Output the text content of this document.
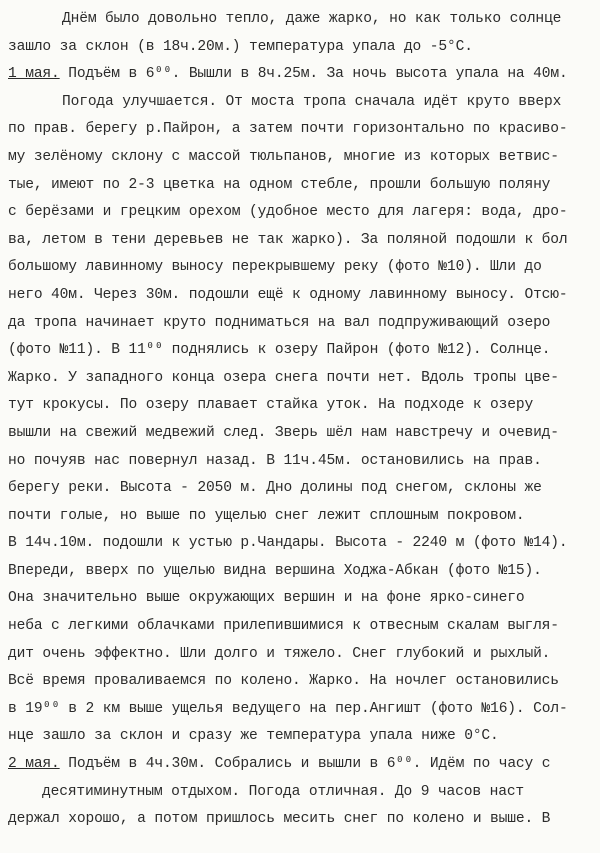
Днём было довольно тепло, даже жарко, но как только солнце
зашло за склон (в 18ч.20м.) температура упала до -5°С.
1 мая. Подъём в 6⁰⁰. Вышли в 8ч.25м. За ночь высота упала на 40м.
Погода улучшается. От моста тропа сначала идёт круто вверх
по прав. берегу р.Пайрон, а затем почти горизонтально по красиво-
му зелёному склону с массой тюльпанов, многие из которых ветвис-
тые, имеют по 2-3 цветка на одном стебле, прошли большую поляну
с берёзами и грецким орехом (удобное место для лагеря: вода, дро-
ва, летом в тени деревьев не так жарко). За поляной подошли к бол
большому лавинному выносу перекрывшему реку (фото №10). Шли до
него 40м. Через 30м. подошли ещё к одному лавинному выносу. Отсю-
да тропа начинает круто подниматься на вал подпруживающий озеро
(фото №11). В 11⁰⁰ поднялись к озеру Пайрон (фото №12). Солнце.
Жарко. У западного конца озера снега почти нет. Вдоль тропы цве-
тут крокусы. По озеру плавает стайка уток. На подходе к озеру
вышли на свежий медвежий след. Зверь шёл нам навстречу и очевид-
но почуяв нас повернул назад. В 11ч.45м. остановились на прав.
берегу реки. Высота - 2050 м. Дно долины под снегом, склоны же
почти голые, но выше по ущелью снег лежит сплошным покровом.
В 14ч.10м. подошли к устью р.Чандары. Высота - 2240 м (фото №14).
Впереди, вверх по ущелью видна вершина Ходжа-Абкан (фото №15).
Она значительно выше окружающих вершин и на фоне ярко-синего
неба с легкими облачками прилепившимися к отвесным скалам выгля-
дит очень эффектно. Шли долго и тяжело. Снег глубокий и рыхлый.
Всё время проваливаемся по колено. Жарко. На ночлег остановились
в 19⁰⁰ в 2 км выше ущелья ведущего на пер.Ангишт (фото №16). Сол-
нце зашло за склон и сразу же температура упала ниже 0°С.
2 мая. Подъём в 4ч.30м. Собрались и вышли в 6⁰⁰. Идём по часу с
десятиминутным отдыхом. Погода отличная. До 9 часов наст
держал хорошо, а потом пришлось месить снег по колено и выше. В
